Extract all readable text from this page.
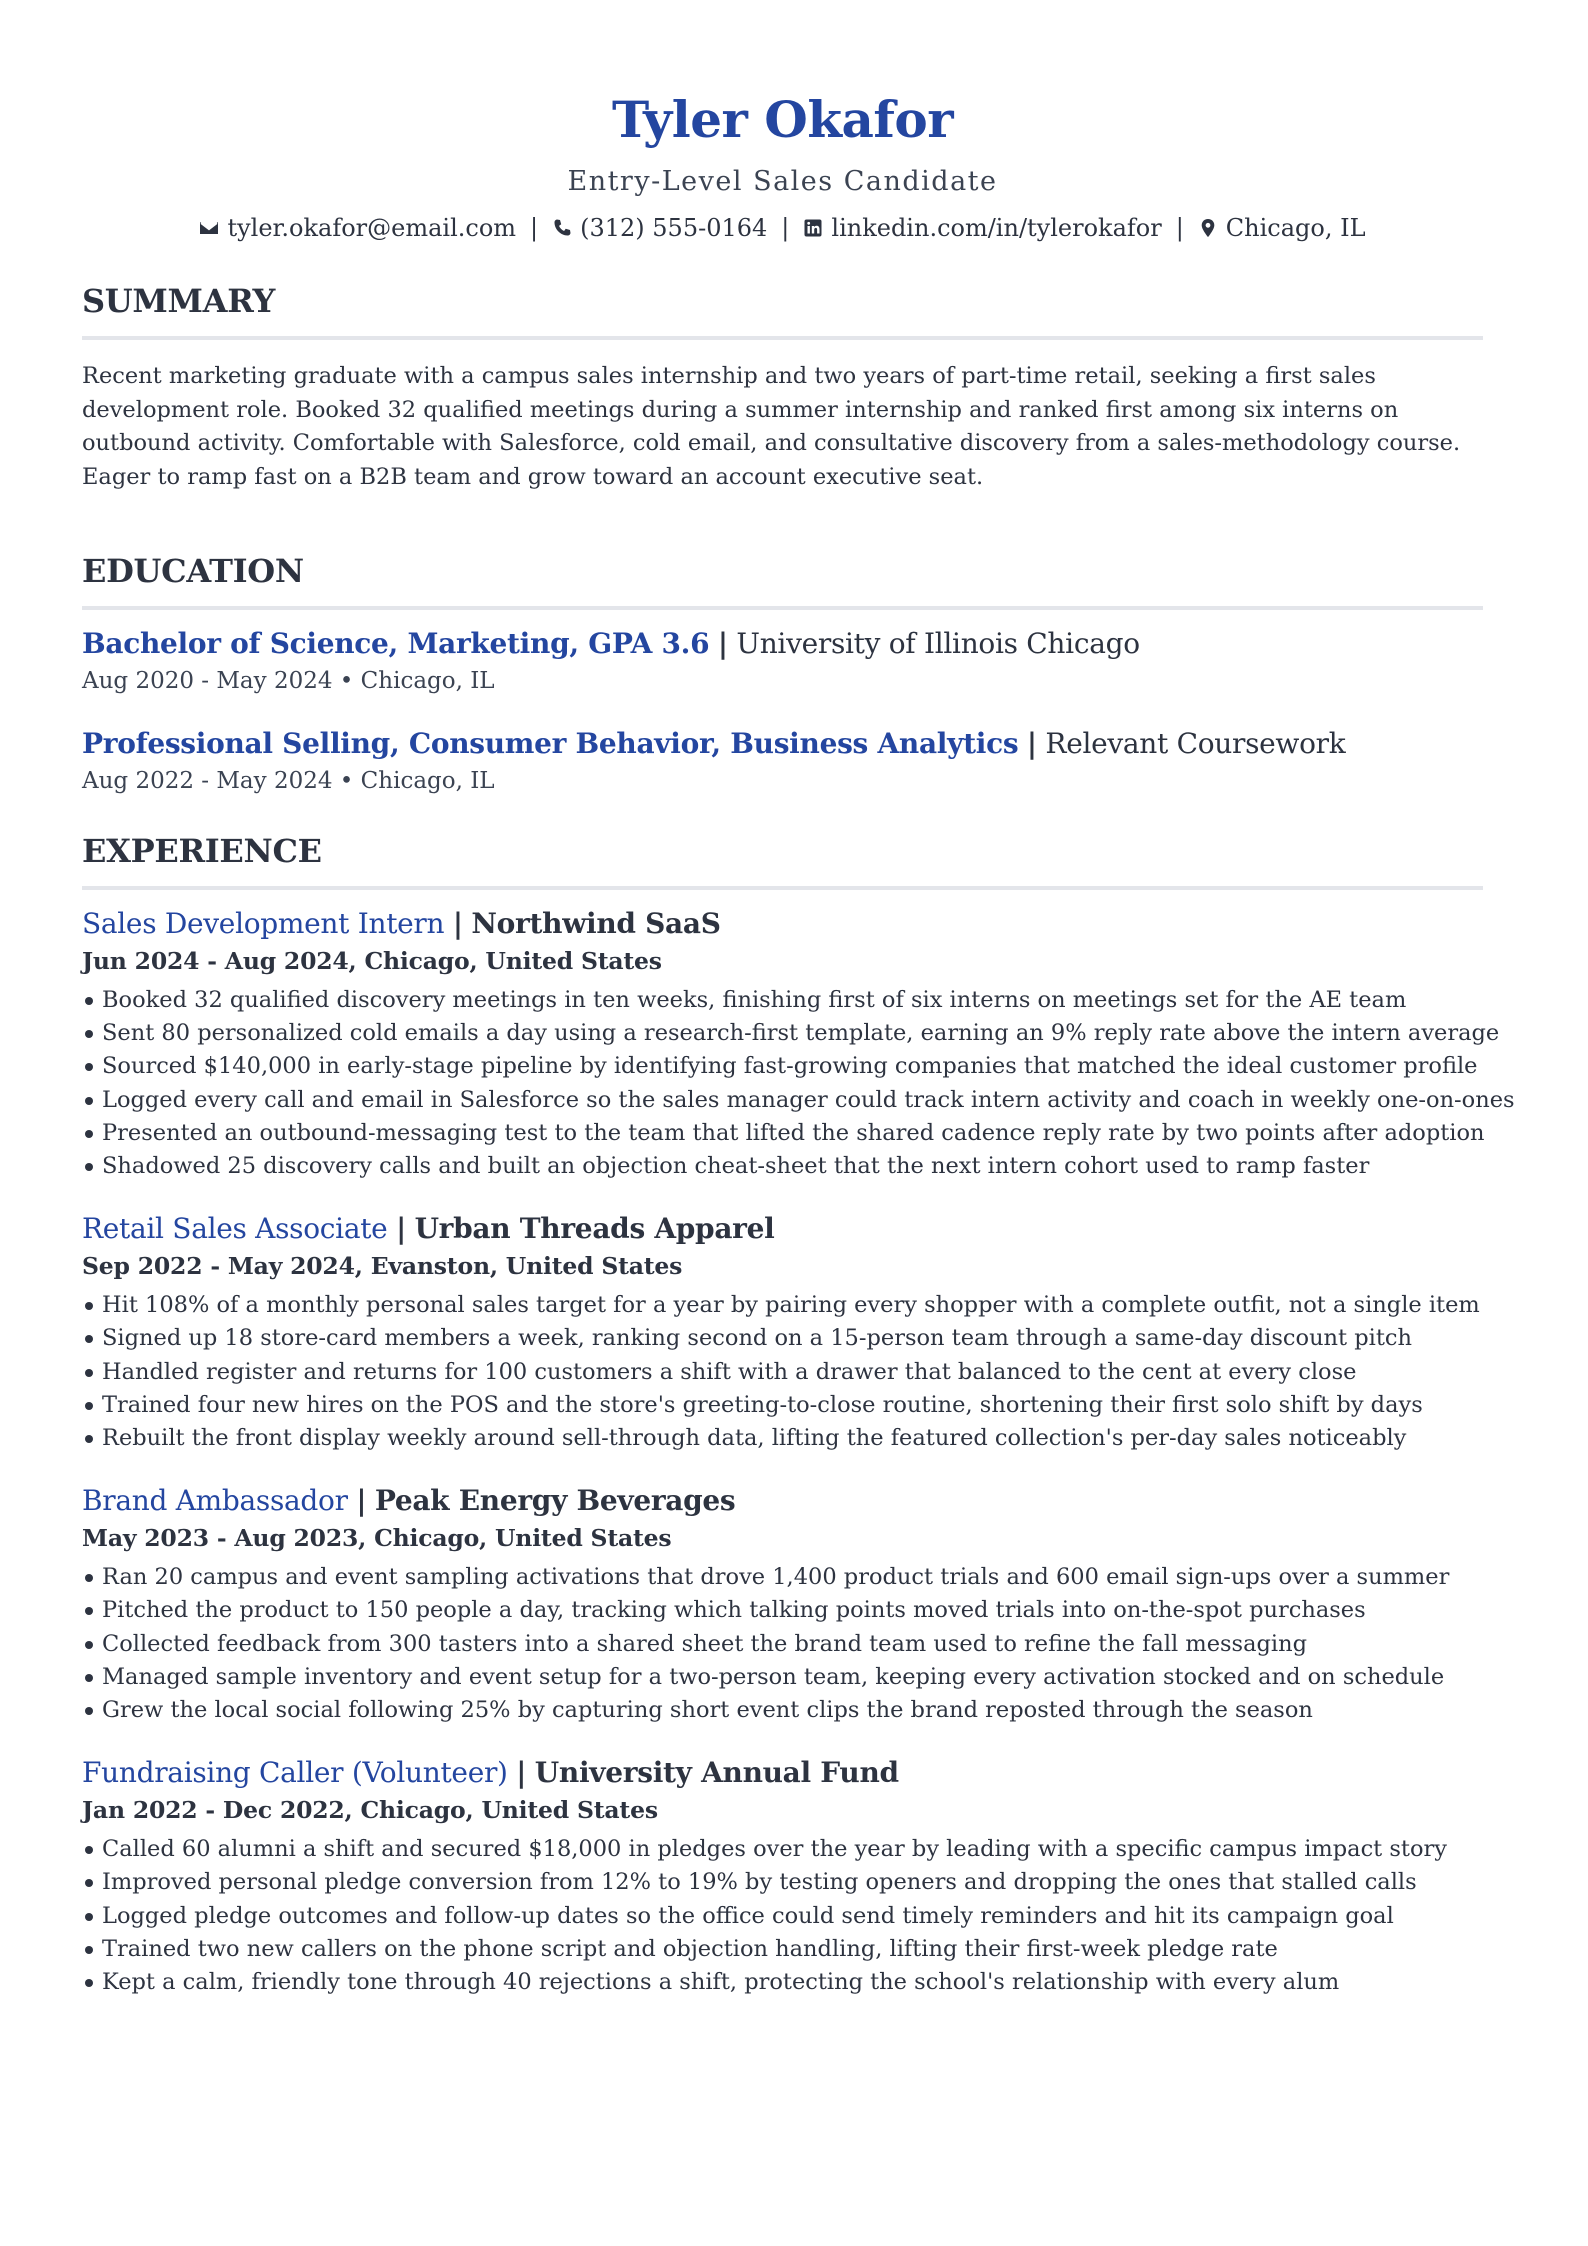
Tyler Okafor
Entry-Level Sales Candidate
tyler.okafor@email.com | (312) 555-0164 | linkedin.com/in/tylerokafor | Chicago, IL
SUMMARY

Recent marketing graduate with a campus sales internship and two years of part-time retail, seeking a first sales development role. Booked 32 qualified meetings during a summer internship and ranked first among six interns on outbound activity. Comfortable with Salesforce, cold email, and consultative discovery from a sales-methodology course. Eager to ramp fast on a B2B team and grow toward an account executive seat.

EDUCATION
Bachelor of Science, Marketing, GPA 3.6 | University of Illinois Chicago
Aug 2020 - May 2024 • Chicago, IL
Professional Selling, Consumer Behavior, Business Analytics | Relevant Coursework
Aug 2022 - May 2024 • Chicago, IL
EXPERIENCE
Sales Development Intern | Northwind SaaS
Jun 2024 - Aug 2024, Chicago, United States
Booked 32 qualified discovery meetings in ten weeks, finishing first of six interns on meetings set for the AE team
Sent 80 personalized cold emails a day using a research-first template, earning an 9% reply rate above the intern average
Sourced $140,000 in early-stage pipeline by identifying fast-growing companies that matched the ideal customer profile
Logged every call and email in Salesforce so the sales manager could track intern activity and coach in weekly one-on-ones
Presented an outbound-messaging test to the team that lifted the shared cadence reply rate by two points after adoption
Shadowed 25 discovery calls and built an objection cheat-sheet that the next intern cohort used to ramp faster
Retail Sales Associate | Urban Threads Apparel
Sep 2022 - May 2024, Evanston, United States
Hit 108% of a monthly personal sales target for a year by pairing every shopper with a complete outfit, not a single item
Signed up 18 store-card members a week, ranking second on a 15-person team through a same-day discount pitch
Handled register and returns for 100 customers a shift with a drawer that balanced to the cent at every close
Trained four new hires on the POS and the store's greeting-to-close routine, shortening their first solo shift by days
Rebuilt the front display weekly around sell-through data, lifting the featured collection's per-day sales noticeably
Brand Ambassador | Peak Energy Beverages
May 2023 - Aug 2023, Chicago, United States
Ran 20 campus and event sampling activations that drove 1,400 product trials and 600 email sign-ups over a summer
Pitched the product to 150 people a day, tracking which talking points moved trials into on-the-spot purchases
Collected feedback from 300 tasters into a shared sheet the brand team used to refine the fall messaging
Managed sample inventory and event setup for a two-person team, keeping every activation stocked and on schedule
Grew the local social following 25% by capturing short event clips the brand reposted through the season
Fundraising Caller (Volunteer) | University Annual Fund
Jan 2022 - Dec 2022, Chicago, United States
Called 60 alumni a shift and secured $18,000 in pledges over the year by leading with a specific campus impact story
Improved personal pledge conversion from 12% to 19% by testing openers and dropping the ones that stalled calls
Logged pledge outcomes and follow-up dates so the office could send timely reminders and hit its campaign goal
Trained two new callers on the phone script and objection handling, lifting their first-week pledge rate
Kept a calm, friendly tone through 40 rejections a shift, protecting the school's relationship with every alum
